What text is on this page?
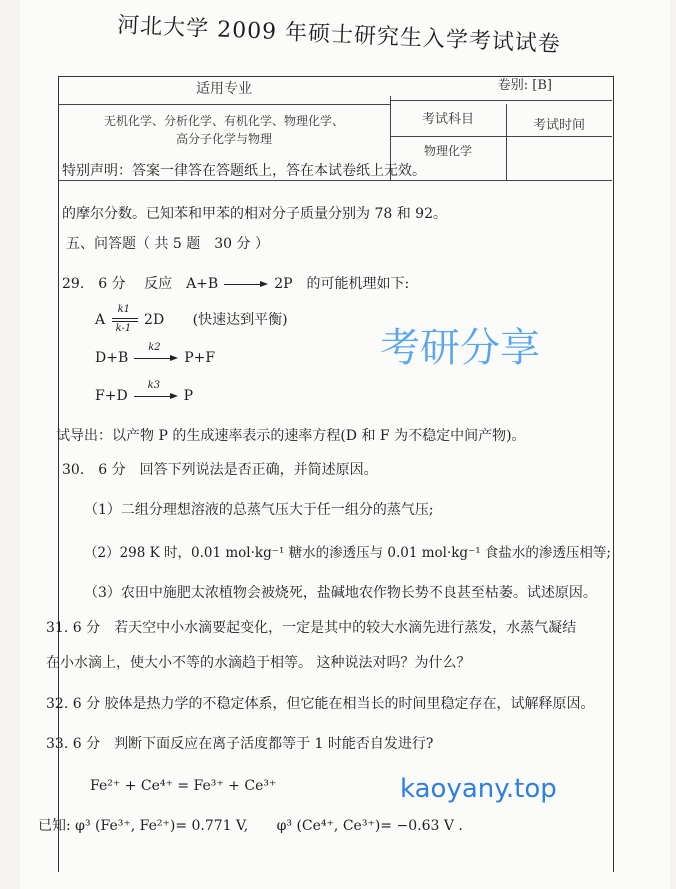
河北大学 2009 年硕士研究生入学考试试卷
适用专业	卷别: [B]
无机化学、分析化学、有机化学、物理化学、
高分子化学与物理
考试科目	考试时间
物理化学
特别声明：答案一律答在答题纸上，答在本试卷纸上无效。
的摩尔分数。已知苯和甲苯的相对分子质量分别为 78 和 92。
五、问答题（ 共 5 题　30 分 ）
29.　6 分　 反应　A+B	2P　的可能机理如下:
A $\frac{k1}{k-1} 2D$ (快速达到平衡)
D+B
k2
P+F
F+D
k3
P
试导出：以产物 P 的生成速率表示的速率方程(D 和 F 为不稳定中间产物)。
30.　6 分　回答下列说法是否正确，并简述原因。
（1）二组分理想溶液的总蒸气压大于任一组分的蒸气压;
（2）298 K 时，0.01 mol·kg⁻¹ 糖水的渗透压与 0.01 mol·kg⁻¹ 食盐水的渗透压相等;
（3）农田中施肥太浓植物会被烧死，盐碱地农作物长势不良甚至枯萎。试述原因。
31. 6 分　若天空中小水滴要起变化，一定是其中的较大水滴先进行蒸发，水蒸气凝结
在小水滴上，使大小不等的水滴趋于相等。 这种说法对吗？为什么？
32. 6 分 胶体是热力学的不稳定体系，但它能在相当长的时间里稳定存在，试解释原因。
33. 6 分　判断下面反应在离子活度都等于 1 时能否自发进行?
Fe²⁺ + Ce⁴⁺ = Fe³⁺ + Ce³⁺
已知: φ³ (Fe³⁺, Fe²⁺)= 0.771 V, φ³ (Ce⁴⁺, Ce³⁺)= −0.63 V .
考研分享
kaoyany.top
